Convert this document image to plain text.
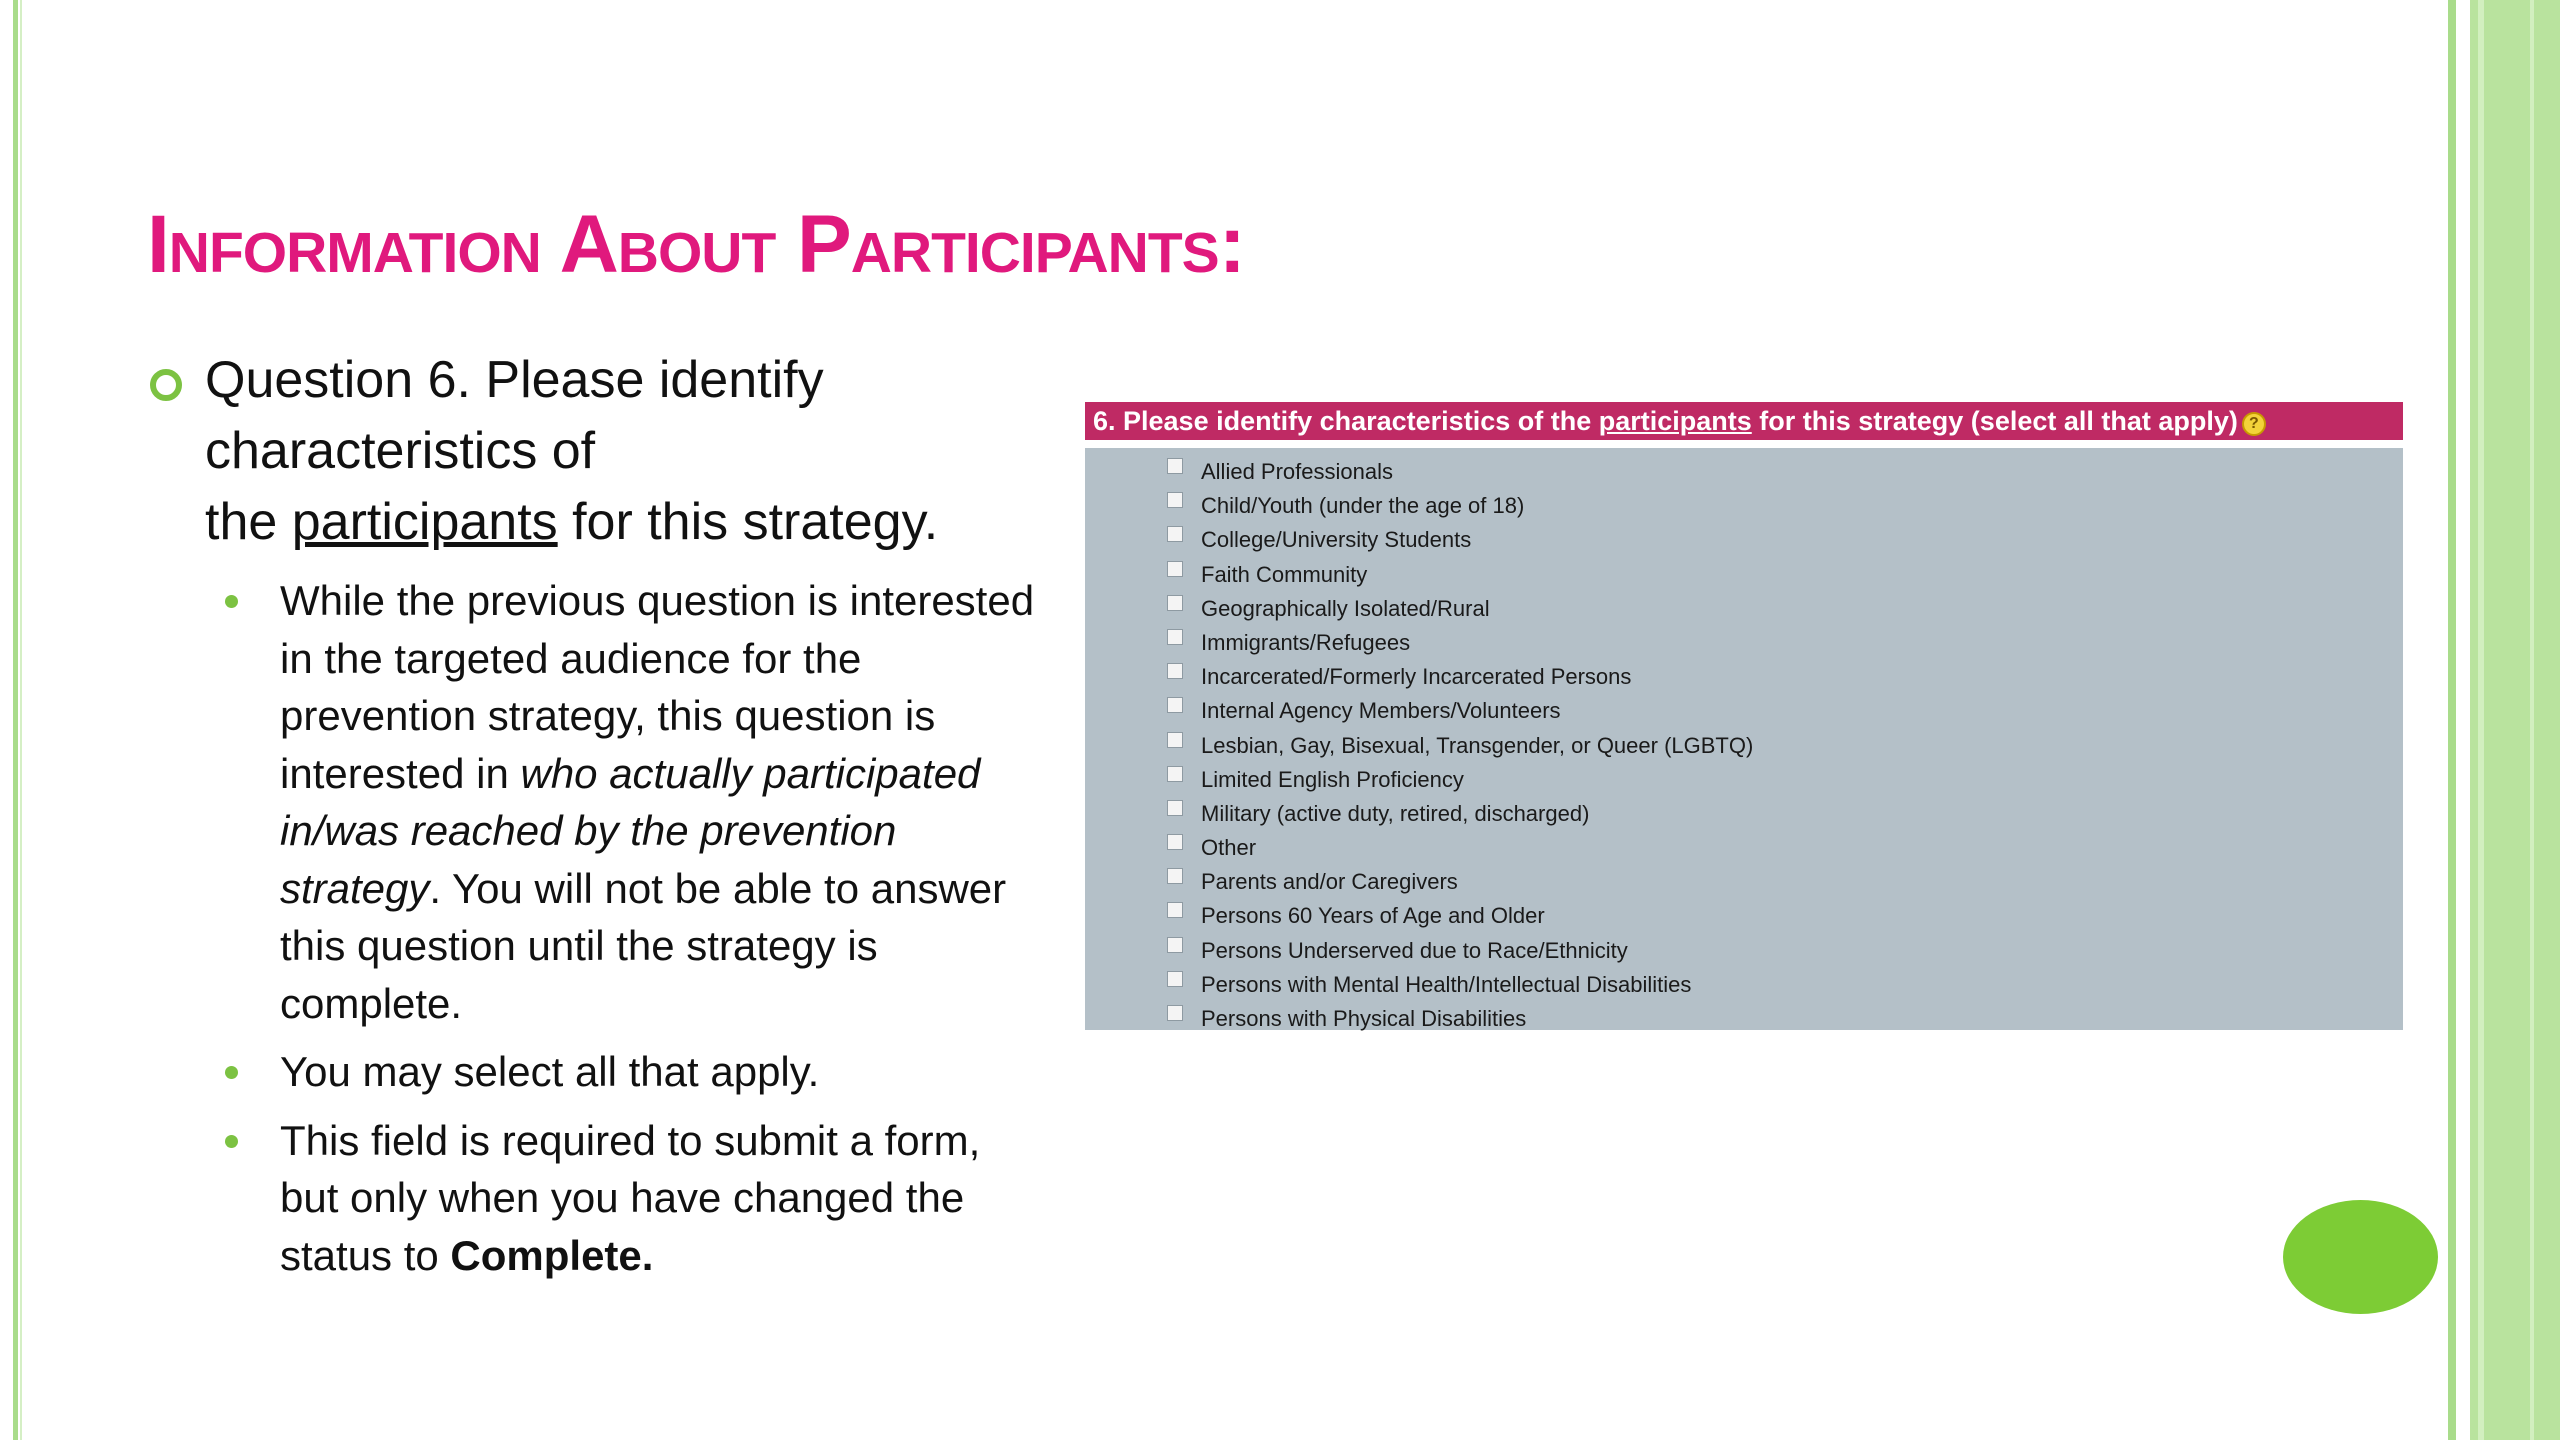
Information About Participants:
Question 6. Please identify
characteristics of
the participants for this strategy.
While the previous question is interested in the targeted audience for the prevention strategy, this question is interested in who actually participated in/was reached by the prevention strategy. You will not be able to answer this question until the strategy is complete.
You may select all that apply.
This field is required to submit a form, but only when you have changed the status to Complete.
6. Please identify characteristics of the participants for this strategy (select all that apply) ?
Allied Professionals
Child/Youth (under the age of 18)
College/University Students
Faith Community
Geographically Isolated/Rural
Immigrants/Refugees
Incarcerated/Formerly Incarcerated Persons
Internal Agency Members/Volunteers
Lesbian, Gay, Bisexual, Transgender, or Queer (LGBTQ)
Limited English Proficiency
Military (active duty, retired, discharged)
Other
Parents and/or Caregivers
Persons 60 Years of Age and Older
Persons Underserved due to Race/Ethnicity
Persons with Mental Health/Intellectual Disabilities
Persons with Physical Disabilities
